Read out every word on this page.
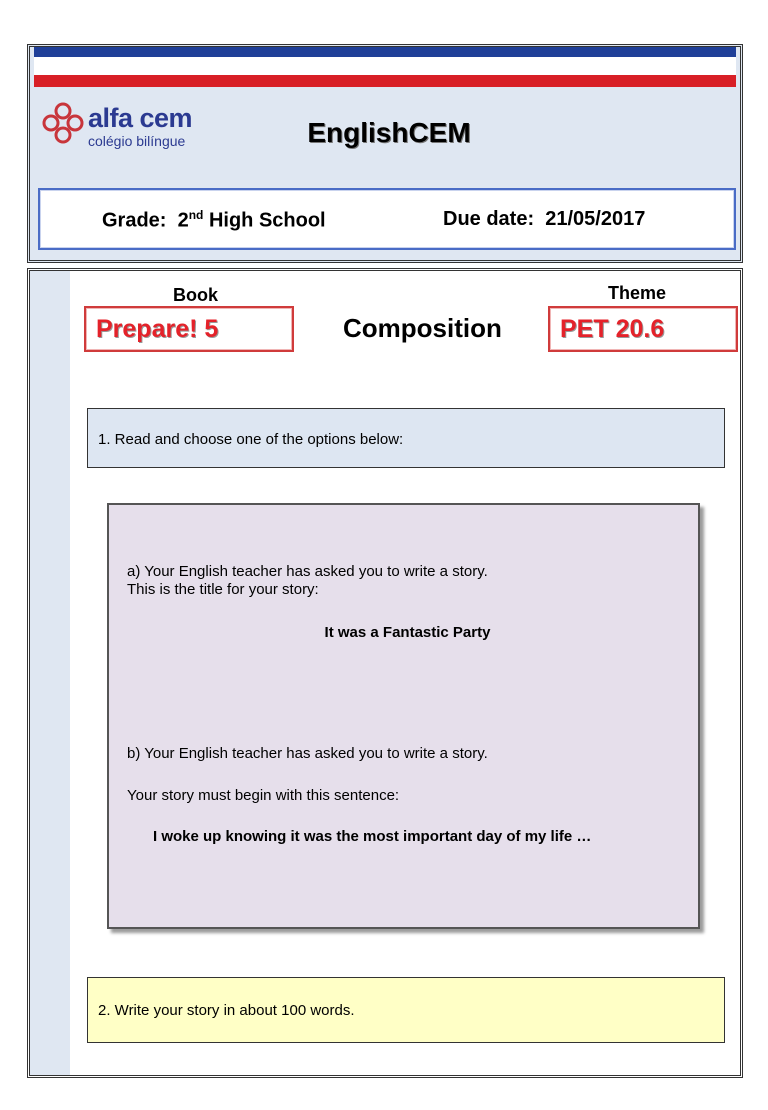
alfa cem
colégio bilíngue	EnglishCEM
Grade: 2nd High School	Due date: 21/05/2017
Book	Theme
Prepare! 5	Composition PET 20.6
1. Read and choose one of the options below:
a) Your English teacher has asked you to write a story.
This is the title for your story:
It was a Fantastic Party
b) Your English teacher has asked you to write a story.
Your story must begin with this sentence:
I woke up knowing it was the most important day of my life …
2. Write your story in about 100 words.
